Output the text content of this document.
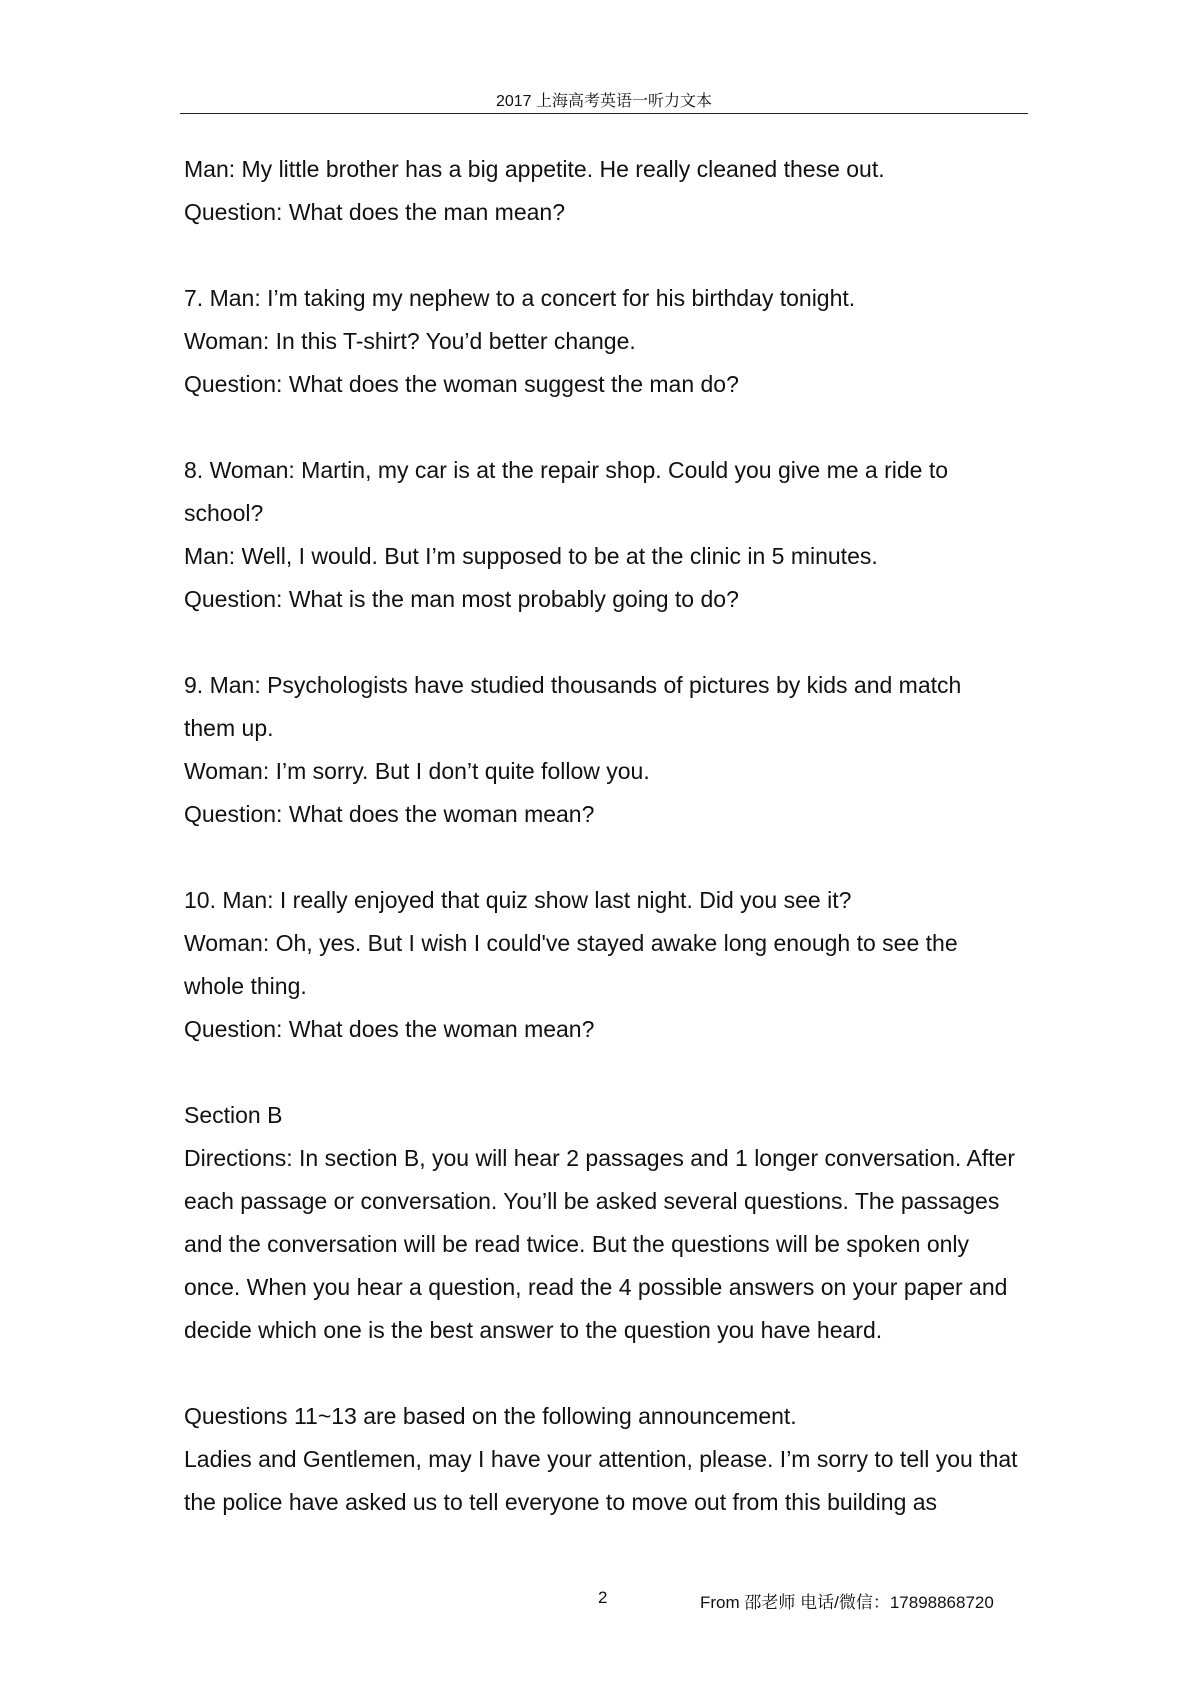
2017 上海高考英语一听力文本
Man: My little brother has a big appetite. He really cleaned these out.
Question: What does the man mean?
7. Man: I’m taking my nephew to a concert for his birthday tonight.
Woman: In this T-shirt? You’d better change.
Question: What does the woman suggest the man do?
8. Woman: Martin, my car is at the repair shop. Could you give me a ride to
school?
Man: Well, I would. But I’m supposed to be at the clinic in 5 minutes.
Question: What is the man most probably going to do?
9. Man: Psychologists have studied thousands of pictures by kids and match
them up.
Woman: I’m sorry. But I don’t quite follow you.
Question: What does the woman mean?
10. Man: I really enjoyed that quiz show last night. Did you see it?
Woman: Oh, yes. But I wish I could've stayed awake long enough to see the
whole thing.
Question: What does the woman mean?
Section B
Directions: In section B, you will hear 2 passages and 1 longer conversation. After each passage or conversation. You’ll be asked several questions. The passages and the conversation will be read twice. But the questions will be spoken only once. When you hear a question, read the 4 possible answers on your paper and decide which one is the best answer to the question you have heard.
Questions 11~13 are based on the following announcement.
Ladies and Gentlemen, may I have your attention, please. I’m sorry to tell you that the police have asked us to tell everyone to move out from this building as
2	From 邵老师 电话/微信：17898868720
